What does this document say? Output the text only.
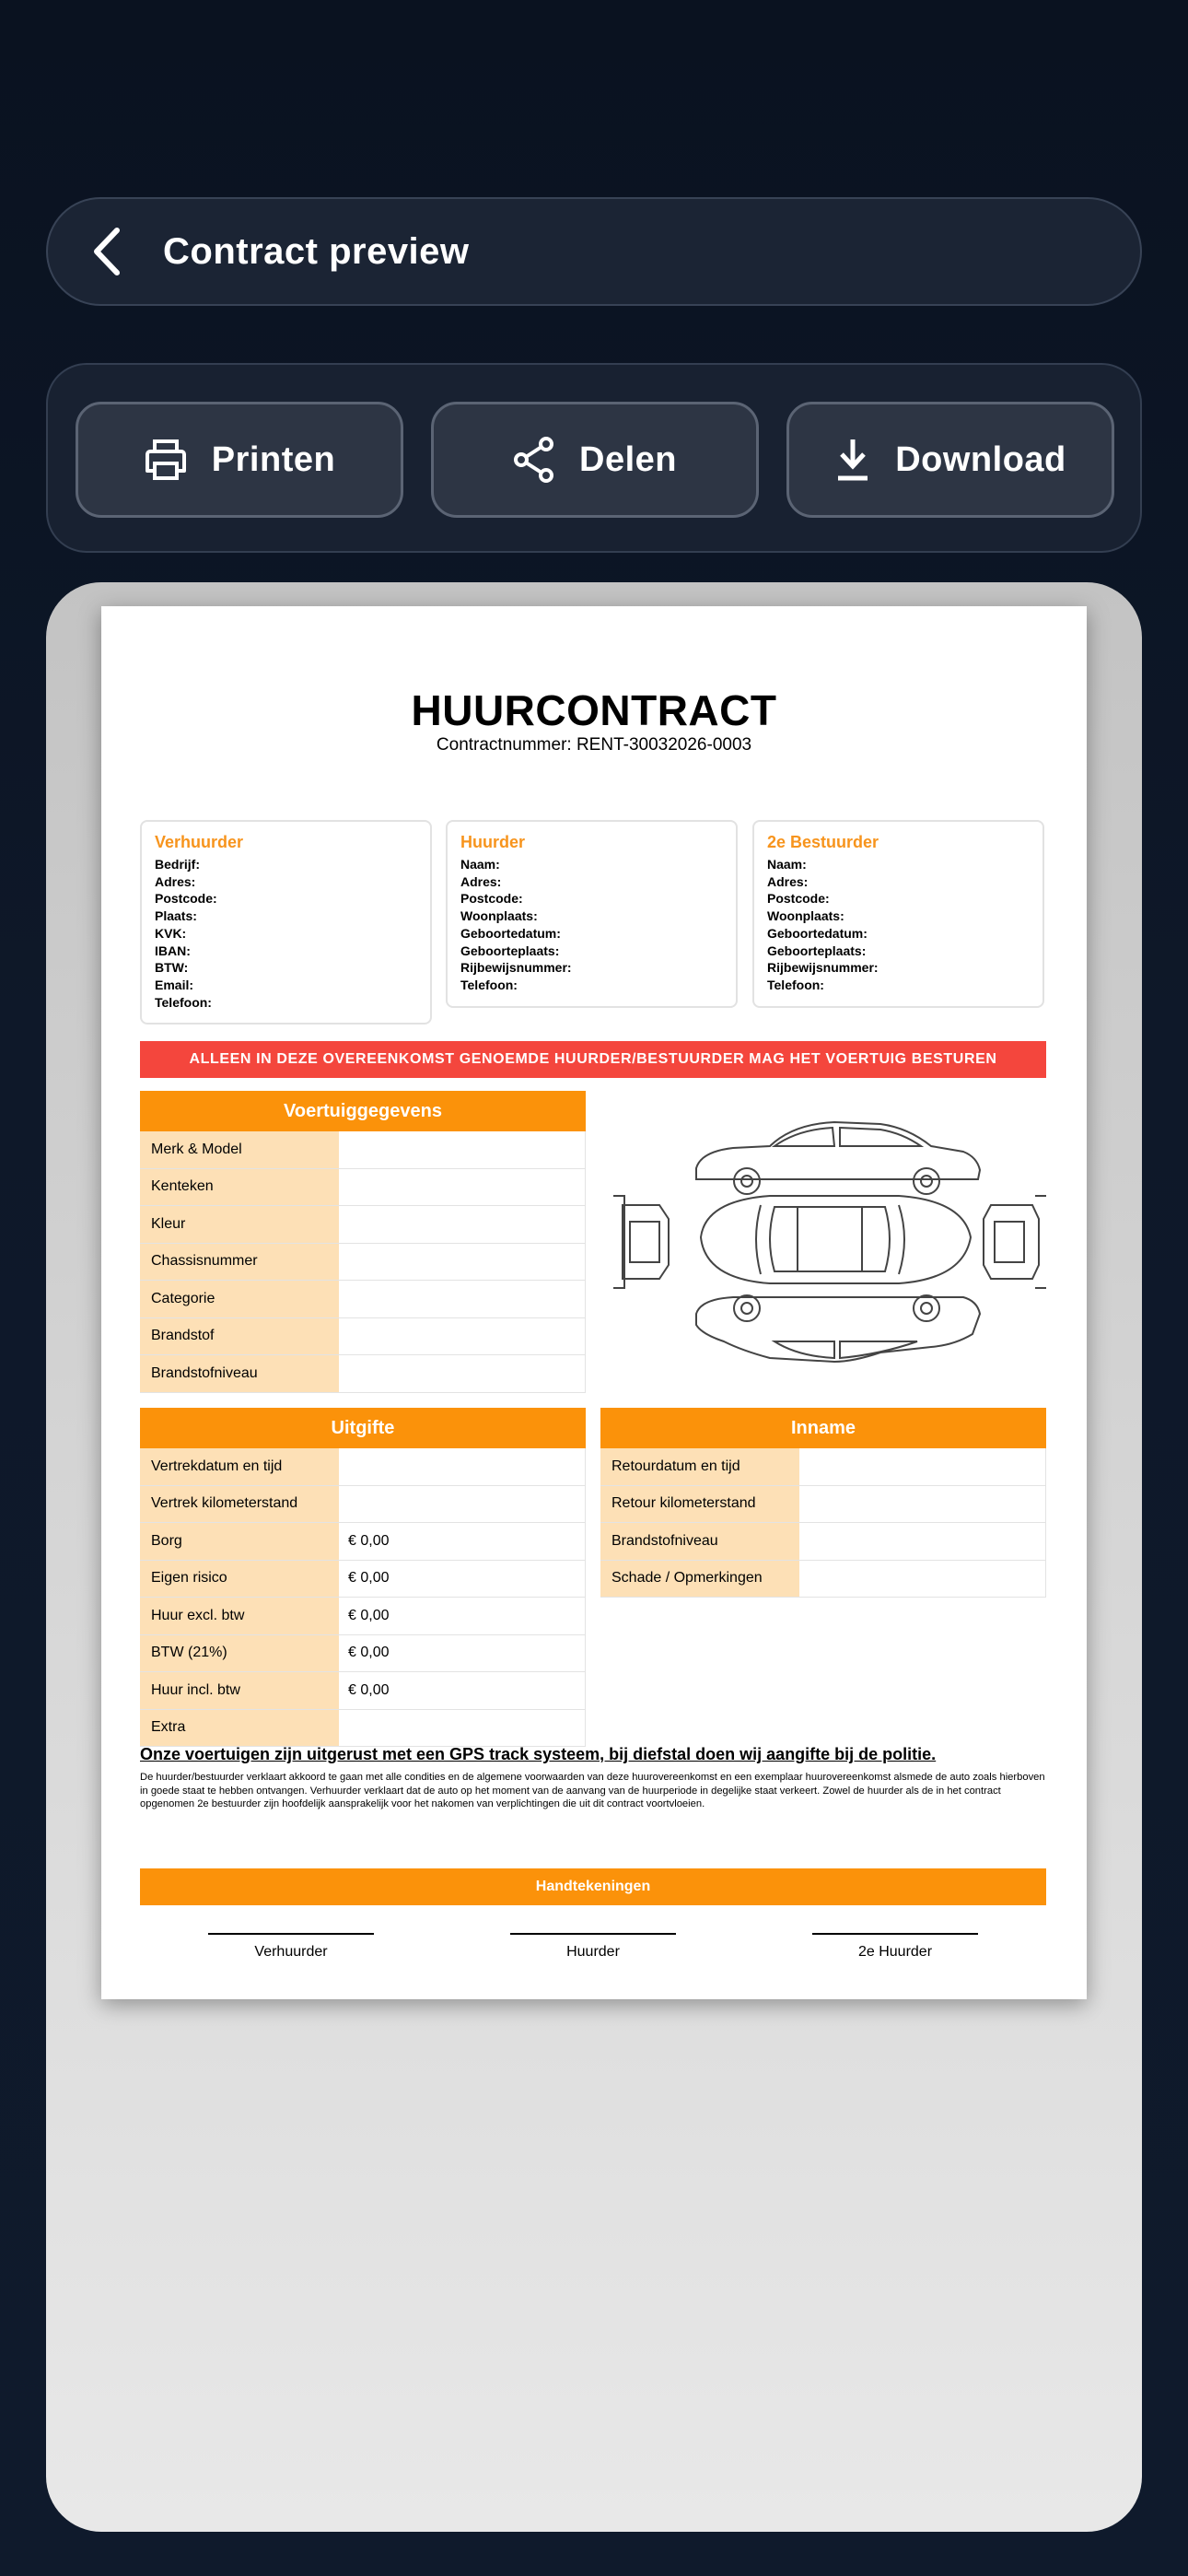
Contract preview
Printen	Delen	Download
HUURCONTRACT
Contractnummer: RENT-30032026-0003
Verhuurder
Bedrijf:
Adres:
Postcode:
Plaats:
KVK:
IBAN:
BTW:
Email:
Telefoon:
Huurder
Naam:
Adres:
Postcode:
Woonplaats:
Geboortedatum:
Geboorteplaats:
Rijbewijsnummer:
Telefoon:
2e Bestuurder
Naam:
Adres:
Postcode:
Woonplaats:
Geboortedatum:
Geboorteplaats:
Rijbewijsnummer:
Telefoon:
ALLEEN IN DEZE OVEREENKOMST GENOEMDE HUURDER/BESTUURDER MAG HET VOERTUIG BESTUREN
Voertuiggegevens
Merk & Model
Kenteken
Kleur
Chassisnummer
Categorie
Brandstof
Brandstofniveau
Uitgifte
Vertrekdatum en tijd
Vertrek kilometerstand
Borg	€ 0,00
Eigen risico	€ 0,00
Huur excl. btw	€ 0,00
BTW (21%)	€ 0,00
Huur incl. btw	€ 0,00
Extra
Inname
Retourdatum en tijd
Retour kilometerstand
Brandstofniveau
Schade / Opmerkingen
Onze voertuigen zijn uitgerust met een GPS track systeem, bij diefstal doen wij aangifte bij de politie.
De huurder/bestuurder verklaart akkoord te gaan met alle condities en de algemene voorwaarden van deze huurovereenkomst en een exemplaar huurovereenkomst alsmede de auto zoals hierboven in goede staat te hebben ontvangen. Verhuurder verklaart dat de auto op het moment van de aanvang van de huurperiode in degelijke staat verkeert. Zowel de huurder als de in het contract opgenomen 2e bestuurder zijn hoofdelijk aansprakelijk voor het nakomen van verplichtingen die uit dit contract voortvloeien.
Handtekeningen
Verhuurder	Huurder	2e Huurder
